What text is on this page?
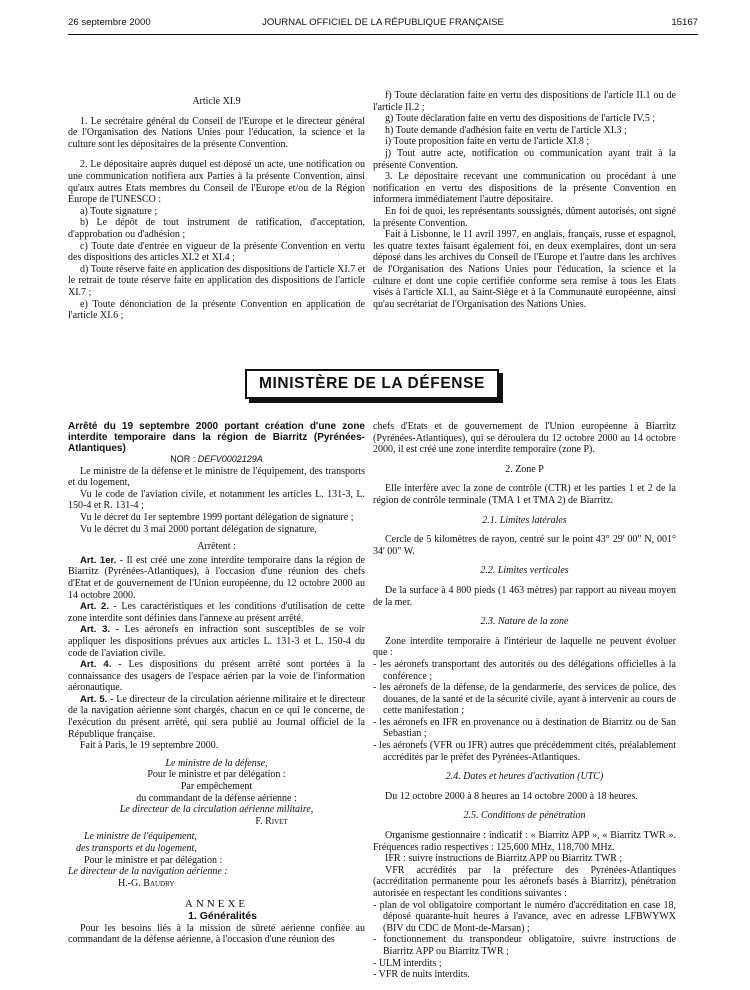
26 septembre 2000	JOURNAL OFFICIEL DE LA RÉPUBLIQUE FRANÇAISE	15167

Article XI.9

1. Le secrétaire général du Conseil de l'Europe et le directeur général de l'Organisation des Nations Unies pour l'éducation, la science et la culture sont les dépositaires de la présente Convention.

2. Le dépositaire auprès duquel est déposé un acte, une notification ou une communication notifiera aux Parties à la présente Convention, ainsi qu'aux autres Etats membres du Conseil de l'Europe et/ou de la Région Europe de l'UNESCO :

a) Toute signature ;

b) Le dépôt de tout instrument de ratification, d'acceptation, d'approbation ou d'adhésion ;

c) Toute date d'entrée en vigueur de la présente Convention en vertu des dispositions des articles XI.2 et XI.4 ;

d) Toute réserve faite en application des dispositions de l'article XI.7 et le retrait de toute réserve faite en application des dispositions de l'article XI.7 ;

e) Toute dénonciation de la présente Convention en application de l'article XI.6 ;

f) Toute déclaration faite en vertu des dispositions de l'article II.1 ou de l'article II.2 ;

g) Toute déclaration faite en vertu des dispositions de l'article IV.5 ;

h) Toute demande d'adhésion faite en vertu de l'article XI.3 ;

i) Toute proposition faite en vertu de l'article XI.8 ;

j) Tout autre acte, notification ou communication ayant trait à la présente Convention.

3. Le dépositaire recevant une communication ou procédant à une notification en vertu des dispositions de la présente Convention en informera immédiatement l'autre dépositaire.

En foi de quoi, les représentants soussignés, dûment autorisés, ont signé la présente Convention.

Fait à Lisbonne, le 11 avril 1997, en anglais, français, russe et espagnol, les quatre textes faisant également foi, en deux exemplaires, dont un sera déposé dans les archives du Conseil de l'Europe et l'autre dans les archives de l'Organisation des Nations Unies pour l'éducation, la science et la culture et dont une copie certifiée conforme sera remise à tous les Etats visés à l'article XI.1, au Saint-Siège et à la Communauté européenne, ainsi qu'au secrétariat de l'Organisation des Nations Unies.

MINISTÈRE DE LA DÉFENSE

Arrêté du 19 septembre 2000 portant création d'une zone interdite temporaire dans la région de Biarritz (Pyrénées-Atlantiques)

NOR : DEFV0002129A

Le ministre de la défense et le ministre de l'équipement, des transports et du logement,

Vu le code de l'aviation civile, et notamment les articles L. 131-3, L. 150-4 et R. 131-4 ;

Vu le décret du 1er septembre 1999 portant délégation de signature ;

Vu le décret du 3 mai 2000 portant délégation de signature,

Arrêtent :

Art. 1er. - Il est créé une zone interdite temporaire dans la région de Biarritz (Pyrénées-Atlantiques), à l'occasion d'une réunion des chefs d'Etat et de gouvernement de l'Union européenne, du 12 octobre 2000 au 14 octobre 2000.

Art. 2. - Les caractéristiques et les conditions d'utilisation de cette zone interdite sont définies dans l'annexe au présent arrêté.

Art. 3. - Les aéronefs en infraction sont susceptibles de se voir appliquer les dispositions prévues aux articles L. 131-3 et L. 150-4 du code de l'aviation civile.

Art. 4. - Les dispositions du présent arrêté sont portées à la connaissance des usagers de l'espace aérien par la voie de l'information aéronautique.

Art. 5. - Le directeur de la circulation aérienne militaire et le directeur de la navigation aérienne sont chargés, chacun en ce qui le concerne, de l'exécution du présent arrêté, qui sera publié au Journal officiel de la République française.

Fait à Paris, le 19 septembre 2000.

Le ministre de la défense,
Pour le ministre et par délégation :
Par empêchement
du commandant de la défense aérienne :
Le directeur de la circulation aérienne militaire,
F. Rivet
Le ministre de l'équipement,
des transports et du logement,
Pour le ministre et par délégation :
Le directeur de la navigation aérienne :
H.-G. Baudry

ANNEXE

1. Généralités

Pour les besoins liés à la mission de sûreté aérienne confiée au commandant de la défense aérienne, à l'occasion d'une réunion des

chefs d'Etats et de gouvernement de l'Union européenne à Biarritz (Pyrénées-Atlantiques), qui se déroulera du 12 octobre 2000 au 14 octobre 2000, il est créé une zone interdite temporaire (zone P).

2. Zone P

Elle interfère avec la zone de contrôle (CTR) et les parties 1 et 2 de la région de contrôle terminale (TMA 1 et TMA 2) de Biarritz.

2.1. Limites latérales

Cercle de 5 kilomètres de rayon, centré sur le point 43° 29' 00" N, 001° 34' 00" W.

2.2. Limites verticales

De la surface à 4 800 pieds (1 463 mètres) par rapport au niveau moyen de la mer.

2.3. Nature de la zone

Zone interdite temporaire à l'intérieur de laquelle ne peuvent évoluer que :

- les aéronefs transportant des autorités ou des délégations officielles à la conférence ;

- les aéronefs de la défense, de la gendarmerie, des services de police, des douanes, de la santé et de la sécurité civile, ayant à intervenir au cours de cette manifestation ;

- les aéronefs en IFR en provenance ou à destination de Biarritz ou de San Sebastian ;

- les aéronefs (VFR ou IFR) autres que précédemment cités, préalablement accrédités par le préfet des Pyrénées-Atlantiques.

2.4. Dates et heures d'activation (UTC)

Du 12 octobre 2000 à 8 heures au 14 octobre 2000 à 18 heures.

2.5. Conditions de pénétration

Organisme gestionnaire : indicatif : « Biarritz APP », « Biarritz TWR ». Fréquences radio respectives : 125,600 MHz, 118,700 MHz.

IFR : suivre instructions de Biarritz APP ou Biarritz TWR ;

VFR accrédités par la préfecture des Pyrénées-Atlantiques (accréditation permanente pour les aéronefs basés à Biarritz), pénétration autorisée en respectant les conditions suivantes :

- plan de vol obligatoire comportant le numéro d'accréditation en case 18, déposé quarante-huit heures à l'avance, avec en adresse LFBWYWX (BIV du CDC de Mont-de-Marsan) ;

- fonctionnement du transpondeur obligatoire, suivre instructions de Biarritz APP ou Biarritz TWR ;

- ULM interdits ;

- VFR de nuits interdits.
